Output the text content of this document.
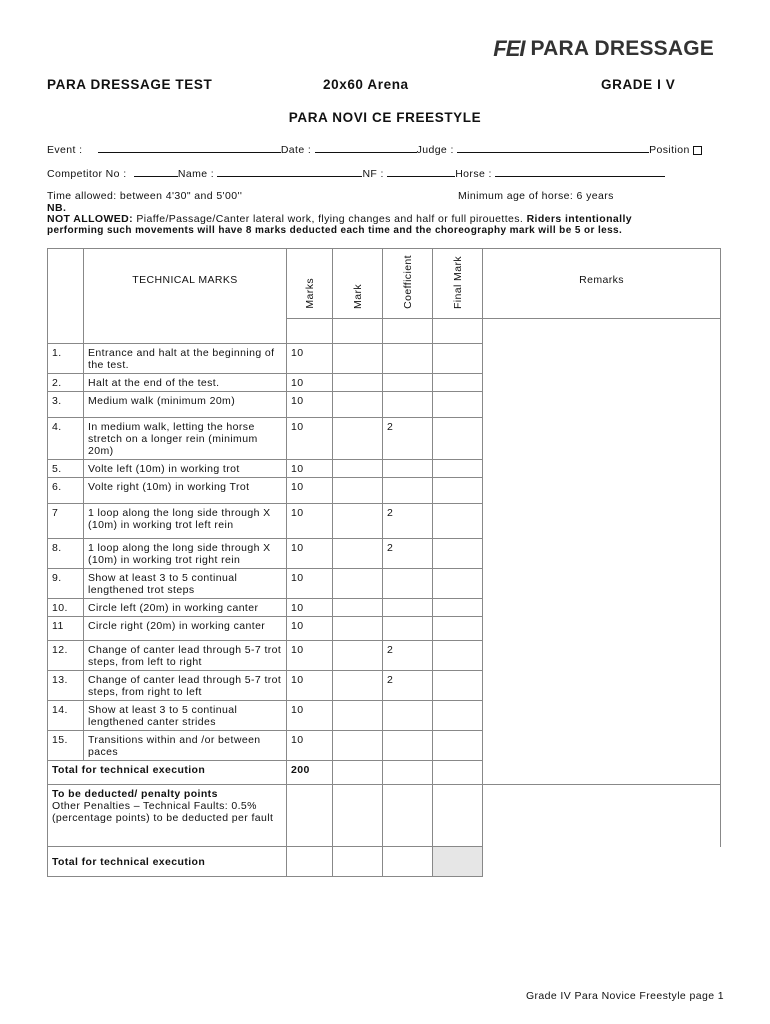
FEI PARA DRESSAGE
PARA DRESSAGE TEST	20x60 Arena	GRADE I V
PARA NOVI CE FREESTYLE
Event :	Date :	Judge :	Position
Competitor No :	Name :	NF :	Horse :
Time allowed: between 4'30" and 5'00''	Minimum age of horse: 6 years
NB.
NOT ALLOWED: Piaffe/Passage/Canter lateral work, flying changes and half or full pirouettes. Riders intentionally
performing such movements will have 8 marks deducted each time and the choreography mark will be 5 or less.
	TECHNICAL MARKS	Marks	Mark	Coefficient	Final Mark	Remarks

1.	Entrance and halt at the beginning of the test.	10				
2.	Halt at the end of the test.	10				
3.	Medium walk (minimum 20m)	10				
4.	In medium walk, letting the horse stretch on a longer rein (minimum 20m)	10		2		
5.	Volte left (10m) in working trot	10				
6.	Volte right (10m) in working Trot	10				
7	1 loop along the long side through X (10m) in working trot left rein	10		2		
8.	1 loop along the long side through X (10m) in working trot right rein	10		2		
9.	Show at least 3 to 5 continual lengthened trot steps	10				
10.	Circle left (20m) in working canter	10				
11	Circle right (20m) in working canter	10				
12.	Change of canter lead through 5-7 trot steps, from left to right	10		2		
13.	Change of canter lead through 5-7 trot steps, from right to left	10		2		
14.	Show at least 3 to 5 continual lengthened canter strides	10				
15.	Transitions within and /or between paces	10				
Total for technical execution		200				

To be deducted/ penalty points
Other Penalties – Technical Faults: 0.5% (percentage points) to be deducted per fault						

Total for technical execution						
Grade IV Para Novice Freestyle page 1
